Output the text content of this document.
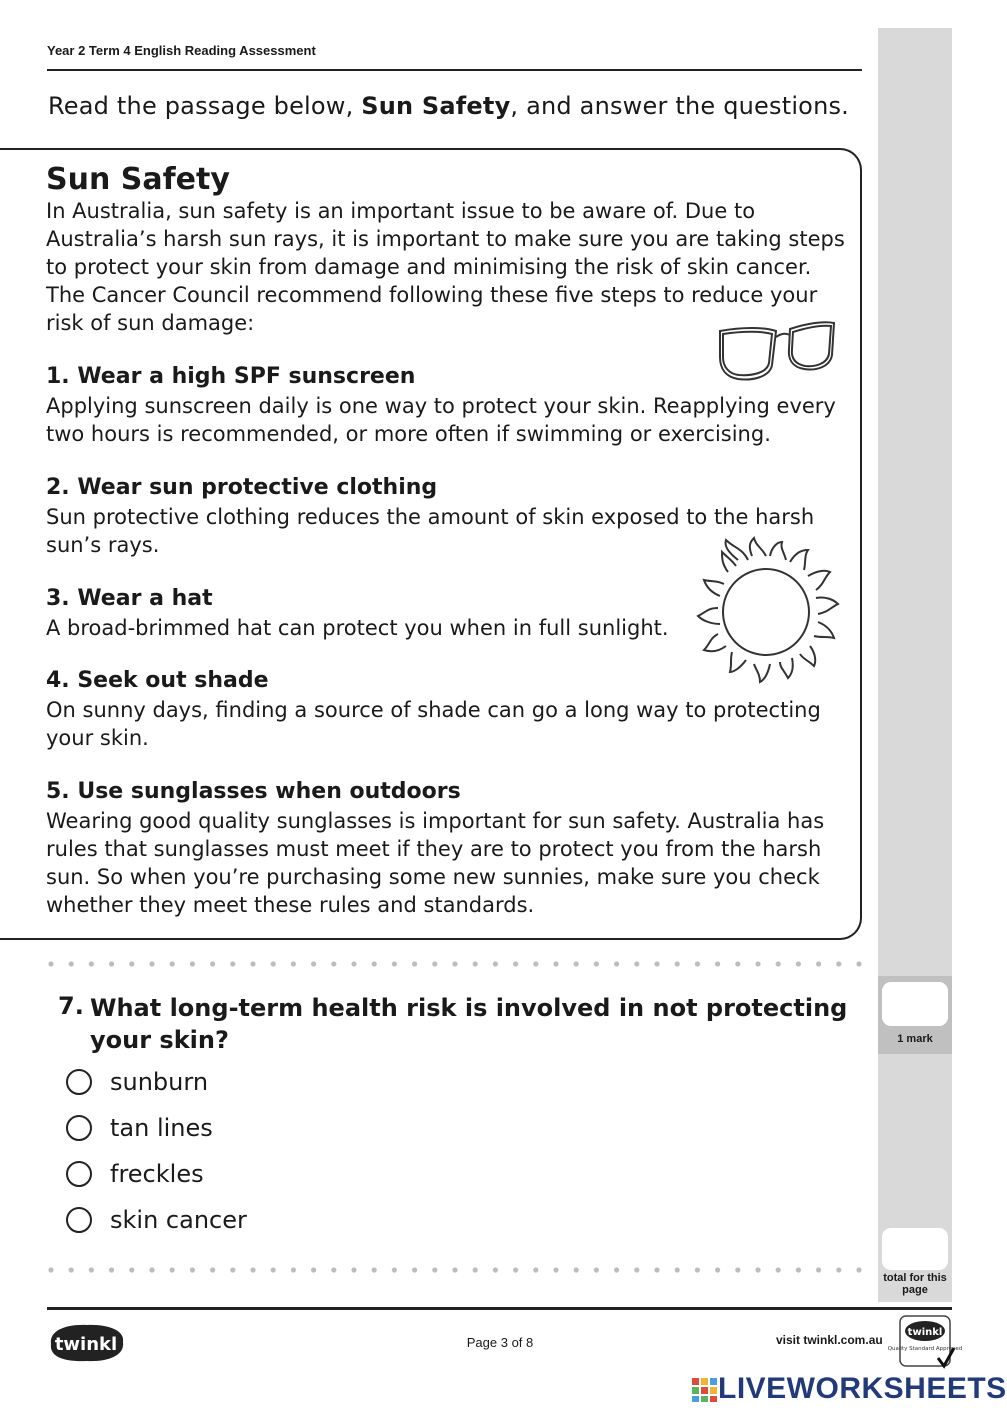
Year 2 Term 4 English Reading Assessment
Read the passage below, Sun Safety, and answer the questions.
Sun Safety
In Australia, sun safety is an important issue to be aware of. Due to Australia’s harsh sun rays, it is important to make sure you are taking steps to protect your skin from damage and minimising the risk of skin cancer. The Cancer Council recommend following these five steps to reduce your risk of sun damage:
1. Wear a high SPF sunscreen
Applying sunscreen daily is one way to protect your skin. Reapplying every two hours is recommended, or more often if swimming or exercising.
2. Wear sun protective clothing
Sun protective clothing reduces the amount of skin exposed to the harsh sun’s rays.
3. Wear a hat
A broad-brimmed hat can protect you when in full sunlight.
4. Seek out shade
On sunny days, finding a source of shade can go a long way to protecting your skin.
5. Use sunglasses when outdoors
Wearing good quality sunglasses is important for sun safety. Australia has rules that sunglasses must meet if they are to protect you from the harsh sun. So when you’re purchasing some new sunnies, make sure you check whether they meet these rules and standards.
1 mark
total for this page
7. What long-term health risk is involved in not protecting your skin?
sunburn
tan lines
freckles
skin cancer
twinkl	Page 3 of 8	visit twinkl.com.au
twinkl
Quality Standard Approved
LIVEWORKSHEETS
